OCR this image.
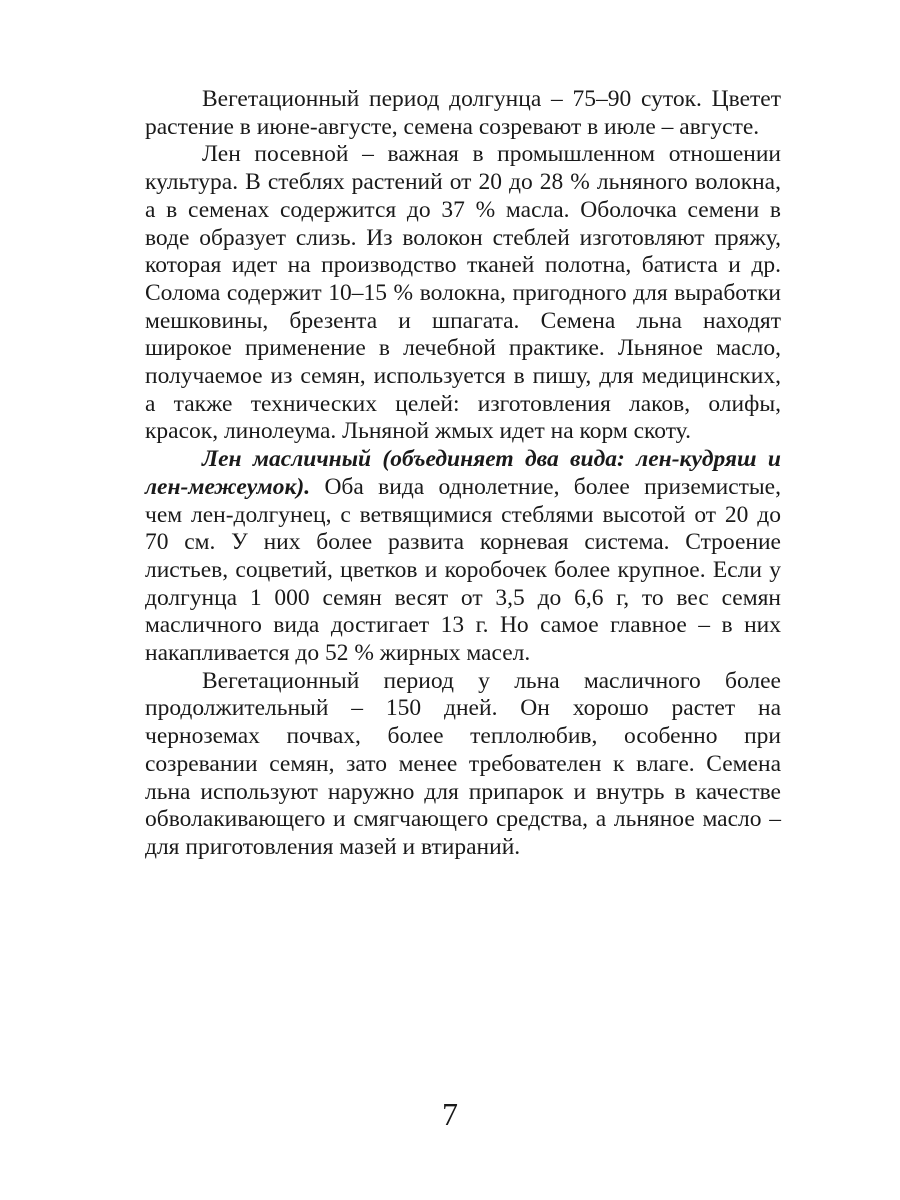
Вегетационный период долгунца – 75–90 суток. Цветет растение в июне-августе, семена созревают в июле – августе.

Лен посевной – важная в промышленном отношении культура. В стеблях растений от 20 до 28 % льняного волокна, а в семенах содержится до 37 % масла. Оболочка семени в воде образует слизь. Из волокон стеблей изготовляют пряжу, которая идет на производство тканей полотна, батиста и др. Солома содержит 10–15 % волокна, пригодного для выработки мешковины, брезента и шпагата. Семена льна находят широкое применение в лечебной практике. Льняное масло, получаемое из семян, используется в пишу, для медицинских, а также технических целей: изготовления лаков, олифы, красок, линолеума. Льняной жмых идет на корм скоту.

Лен масличный (объединяет два вида: лен-кудряш и лен-межеумок). Оба вида однолетние, более приземистые, чем лен-долгунец, с ветвящимися стеблями высотой от 20 до 70 см. У них более развита корневая система. Строение листьев, соцветий, цветков и коробочек более крупное. Если у долгунца 1 000 семян весят от 3,5 до 6,6 г, то вес семян масличного вида достигает 13 г. Но самое главное – в них накапливается до 52 % жирных масел.

Вегетационный период у льна масличного более продолжительный – 150 дней. Он хорошо растет на черноземах почвах, более теплолюбив, особенно при созревании семян, зато менее требователен к влаге. Семена льна используют наружно для припарок и внутрь в качестве обволакивающего и смягчающего средства, а льняное масло – для приготовления мазей и втираний.

7
